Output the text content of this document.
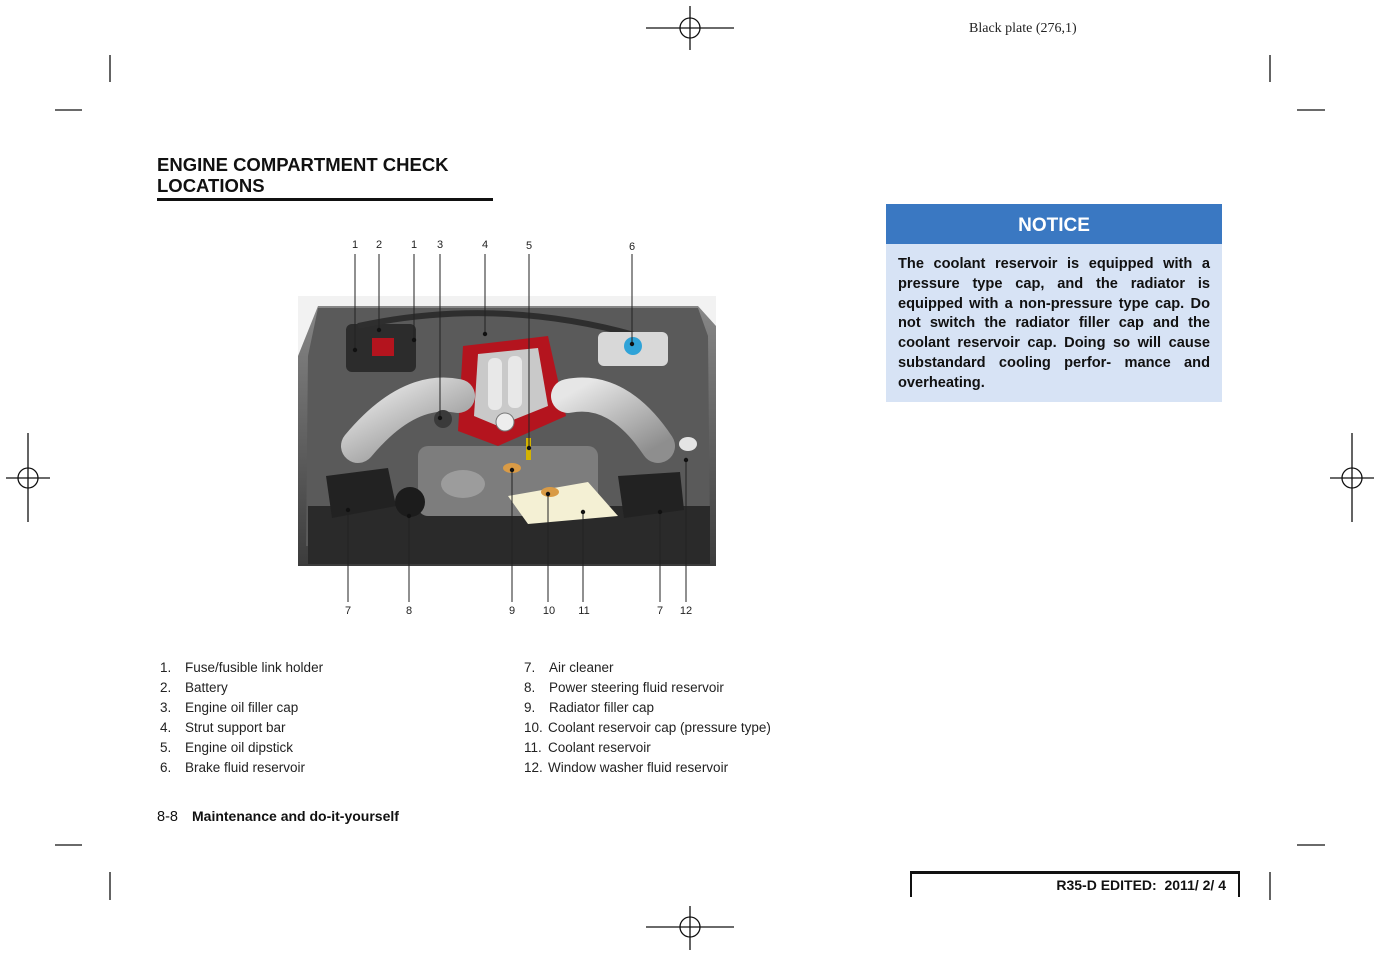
Black plate (276,1)
ENGINE COMPARTMENT CHECK
LOCATIONS
1	2	1	3	4	5	6
7	8	9	10	11	7	12
1. Fuse/fusible link holder
2. Battery
3. Engine oil filler cap
4. Strut support bar
5. Engine oil dipstick
6. Brake fluid reservoir
7. Air cleaner
8. Power steering fluid reservoir
9. Radiator filler cap
10. Coolant reservoir cap (pressure type)
11. Coolant reservoir
12. Window washer fluid reservoir
NOTICE
The coolant reservoir is equipped with a pressure type cap, and the radiator is equipped with a non-pressure type cap. Do not switch the radiator filler cap and the coolant reservoir cap. Doing so will cause substandard cooling perfor- mance and overheating.
8-8 Maintenance and do-it-yourself
R35-D EDITED:  2011/ 2/ 4
